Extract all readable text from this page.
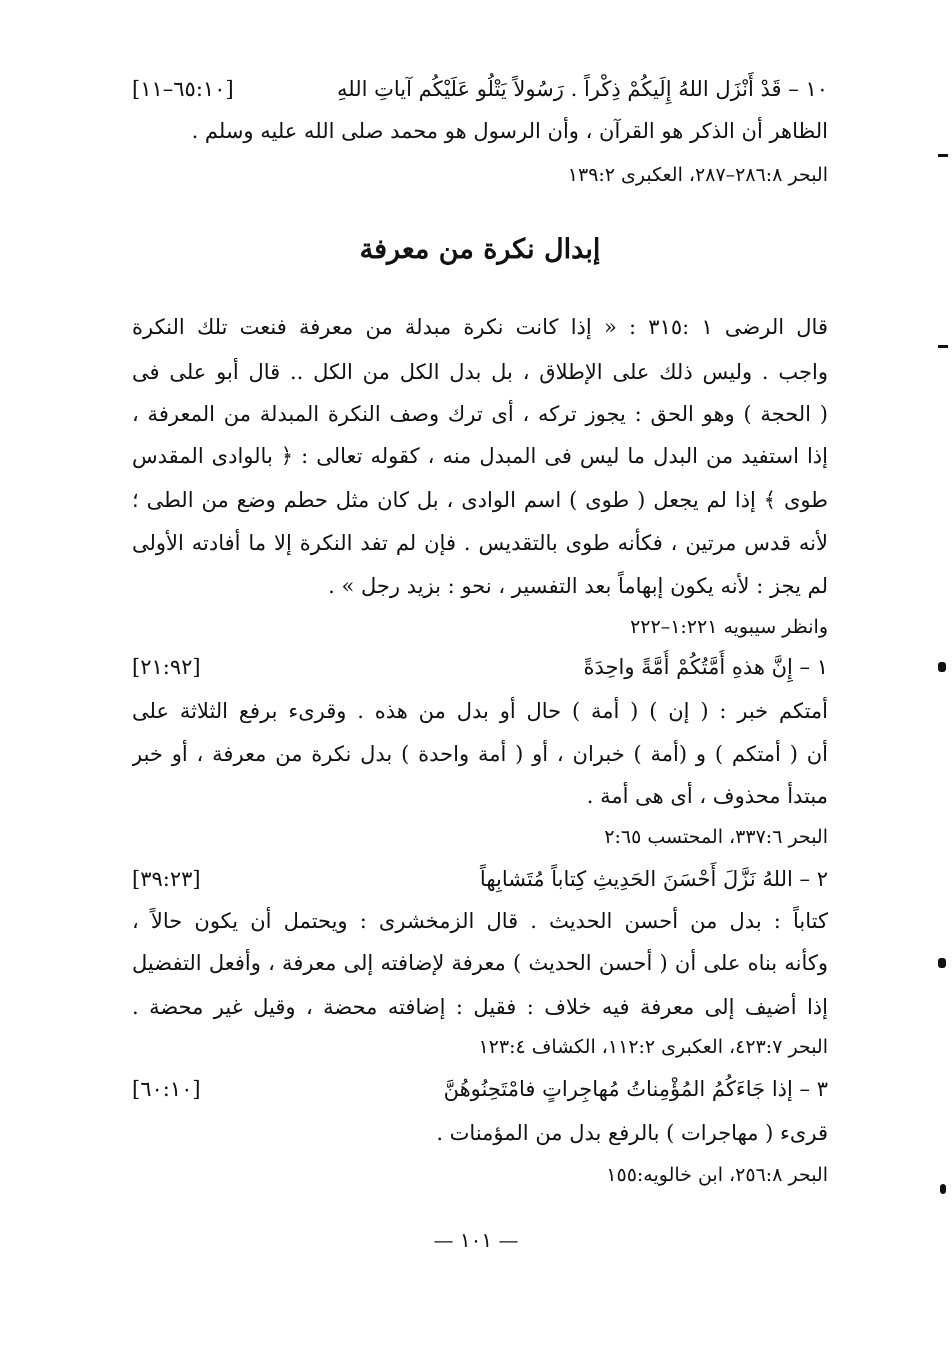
١٠ – قَدْ أَنْزَل اللهُ إِلَيكُمْ ذِكْراً . رَسُولاً يَتْلُو عَلَيْكُم آياتِ اللهِ
[٦٥:١٠–١١]
الظاهر أن الذكر هو القرآن ، وأن الرسول هو محمد صلى الله عليه وسلم .
البحر ٢٨٦:٨–٢٨٧، العكبرى ١٣٩:٢
إبدال نكرة من معرفة
قال الرضى ١ :٣١٥ : « إذا كانت نكرة مبدلة من معرفة فنعت تلك النكرة
واجب . وليس ذلك على الإطلاق ، بل بدل الكل من الكل .. قال أبو على فى
( الحجة ) وهو الحق : يجوز تركه ، أى ترك وصف النكرة المبدلة من المعرفة ،
إذا استفيد من البدل ما ليس فى المبدل منه ، كقوله تعالى : ﴿ بالوادى المقدس
طوى ﴾ إذا لم يجعل ( طوى ) اسم الوادى ، بل كان مثل حطم وضع من الطى ؛
لأنه قدس مرتين ، فكأنه طوى بالتقديس . فإن لم تفد النكرة إلا ما أفادته الأولى
لم يجز : لأنه يكون إبهاماً بعد التفسير ، نحو : بزيد رجل » .
وانظر سيبويه ١:٢٢١–٢٢٢
١ – إِنَّ هذهِ أُمَّتُكُمْ أُمَّةً واحِدَةً
[٢١:٩٢]
أمتكم خبر : ( إن ) ( أمة ) حال أو بدل من هذه . وقرىء برفع الثلاثة على
أن ( أمتكم ) و (أمة ) خبران ، أو ( أمة واحدة ) بدل نكرة من معرفة ، أو خبر
مبتدأ محذوف ، أى هى أمة .
البحر ٣٣٧:٦، المحتسب ٢:٦٥
٢ – اللهُ نَزَّلَ أَحْسَنَ الحَدِيثِ كِتاباً مُتَشابِهاً
[٣٩:٢٣]
كتاباً : بدل من أحسن الحديث . قال الزمخشرى : ويحتمل أن يكون حالاً ،
وكأنه بناه على أن ( أحسن الحديث ) معرفة لإضافته إلى معرفة ، وأفعل التفضيل
إذا أضيف إلى معرفة فيه خلاف : فقيل : إضافته محضة ، وقيل غير محضة .
البحر ٤٢٣:٧، العكبرى ١١٢:٢، الكشاف ١٢٣:٤
٣ – إذا جَاءَكُمُ المُؤْمِناتُ مُهاجِراتٍ فامْتَحِنُوهُنَّ
[٦٠:١٠]
قرىء ( مهاجرات ) بالرفع بدل من المؤمنات .
البحر ٢٥٦:٨، ابن خالويه:١٥٥
— ١٠١ —
